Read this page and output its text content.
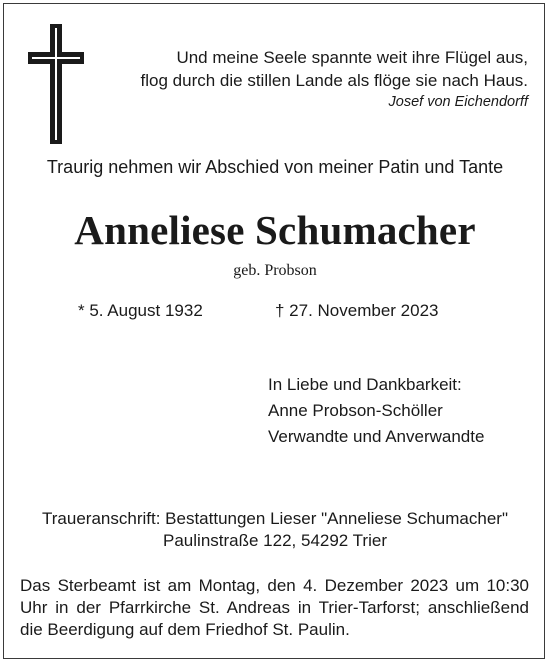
Und meine Seele spannte weit ihre Flügel aus,
flog durch die stillen Lande als flöge sie nach Haus.
Josef von Eichendorff
Traurig nehmen wir Abschied von meiner Patin und Tante
Anneliese Schumacher
geb. Probson
* 5. August 1932	† 27. November 2023
In Liebe und Dankbarkeit:
Anne Probson-Schöller
Verwandte und Anverwandte
Traueranschrift: Bestattungen Lieser "Anneliese Schumacher"
Paulinstraße 122, 54292 Trier
Das Sterbeamt ist am Montag, den 4. Dezember 2023 um 10:30 Uhr in der Pfarrkirche St. Andreas in Trier-Tarforst; anschließend die Beerdigung auf dem Friedhof St. Paulin.
